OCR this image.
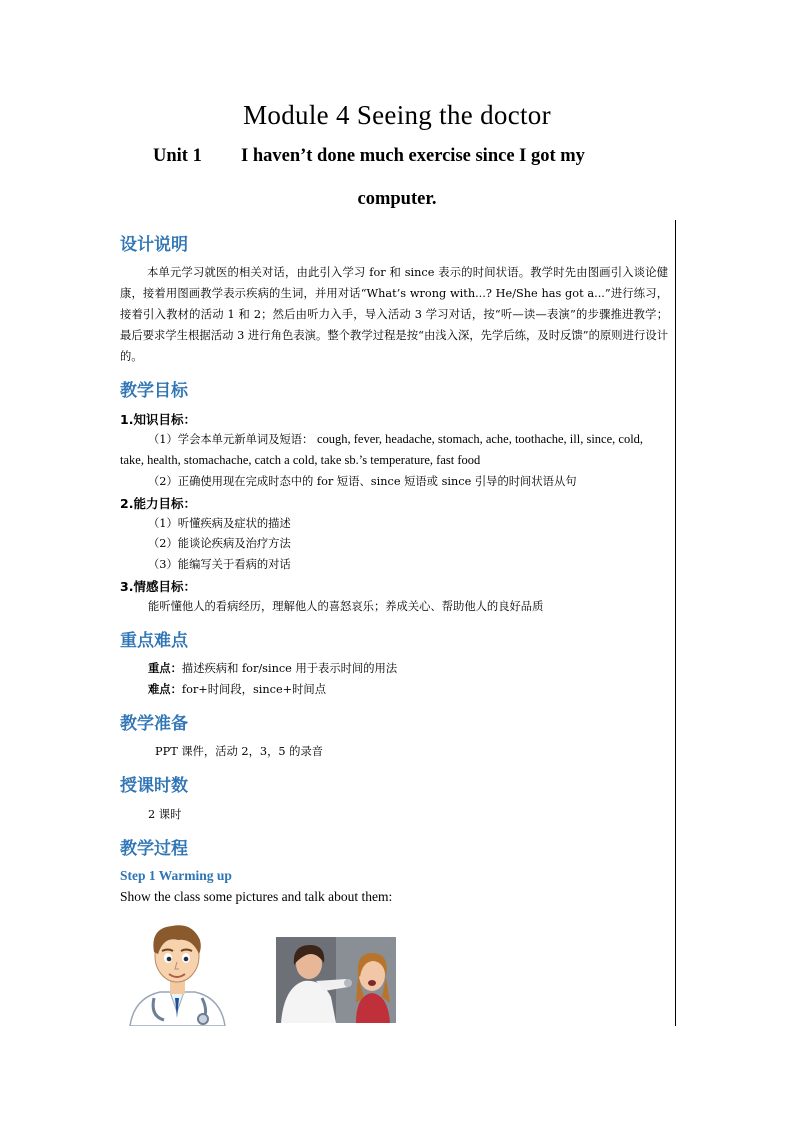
Module 4 Seeing the doctor
Unit 1 I haven’t done much exercise since I got my
computer.
设计说明
本单元学习就医的相关对话，由此引入学习 for 和 since 表示的时间状语。教学时先由图画引入谈论健康，接着用图画教学表示疾病的生词，并用对话“What’s wrong with...? He/She has got a...”进行练习，接着引入教材的活动 1 和 2；然后由听力入手，导入活动 3 学习对话，按“听—读—表演”的步骤推进教学；最后要求学生根据活动 3 进行角色表演。整个教学过程是按“由浅入深，先学后练，及时反馈”的原则进行设计的。
教学目标
1.知识目标：
（1）学会本单元新单词及短语： cough, fever, headache, stomach, ache, toothache, ill, since, cold, take, health, stomachache, catch a cold, take sb.’s temperature, fast food
（2）正确使用现在完成时态中的 for 短语、since 短语或 since 引导的时间状语从句
2.能力目标：
（1）听懂疾病及症状的描述
（2）能谈论疾病及治疗方法
（3）能编写关于看病的对话
3.情感目标：
能听懂他人的看病经历，理解他人的喜怒哀乐；养成关心、帮助他人的良好品质
重点难点
重点：描述疾病和 for/since 用于表示时间的用法
难点：for+时间段，since+时间点
教学准备
PPT 课件，活动 2，3，5 的录音
授课时数
2 课时
教学过程
Step 1 Warming up
Show the class some pictures and talk about them:
